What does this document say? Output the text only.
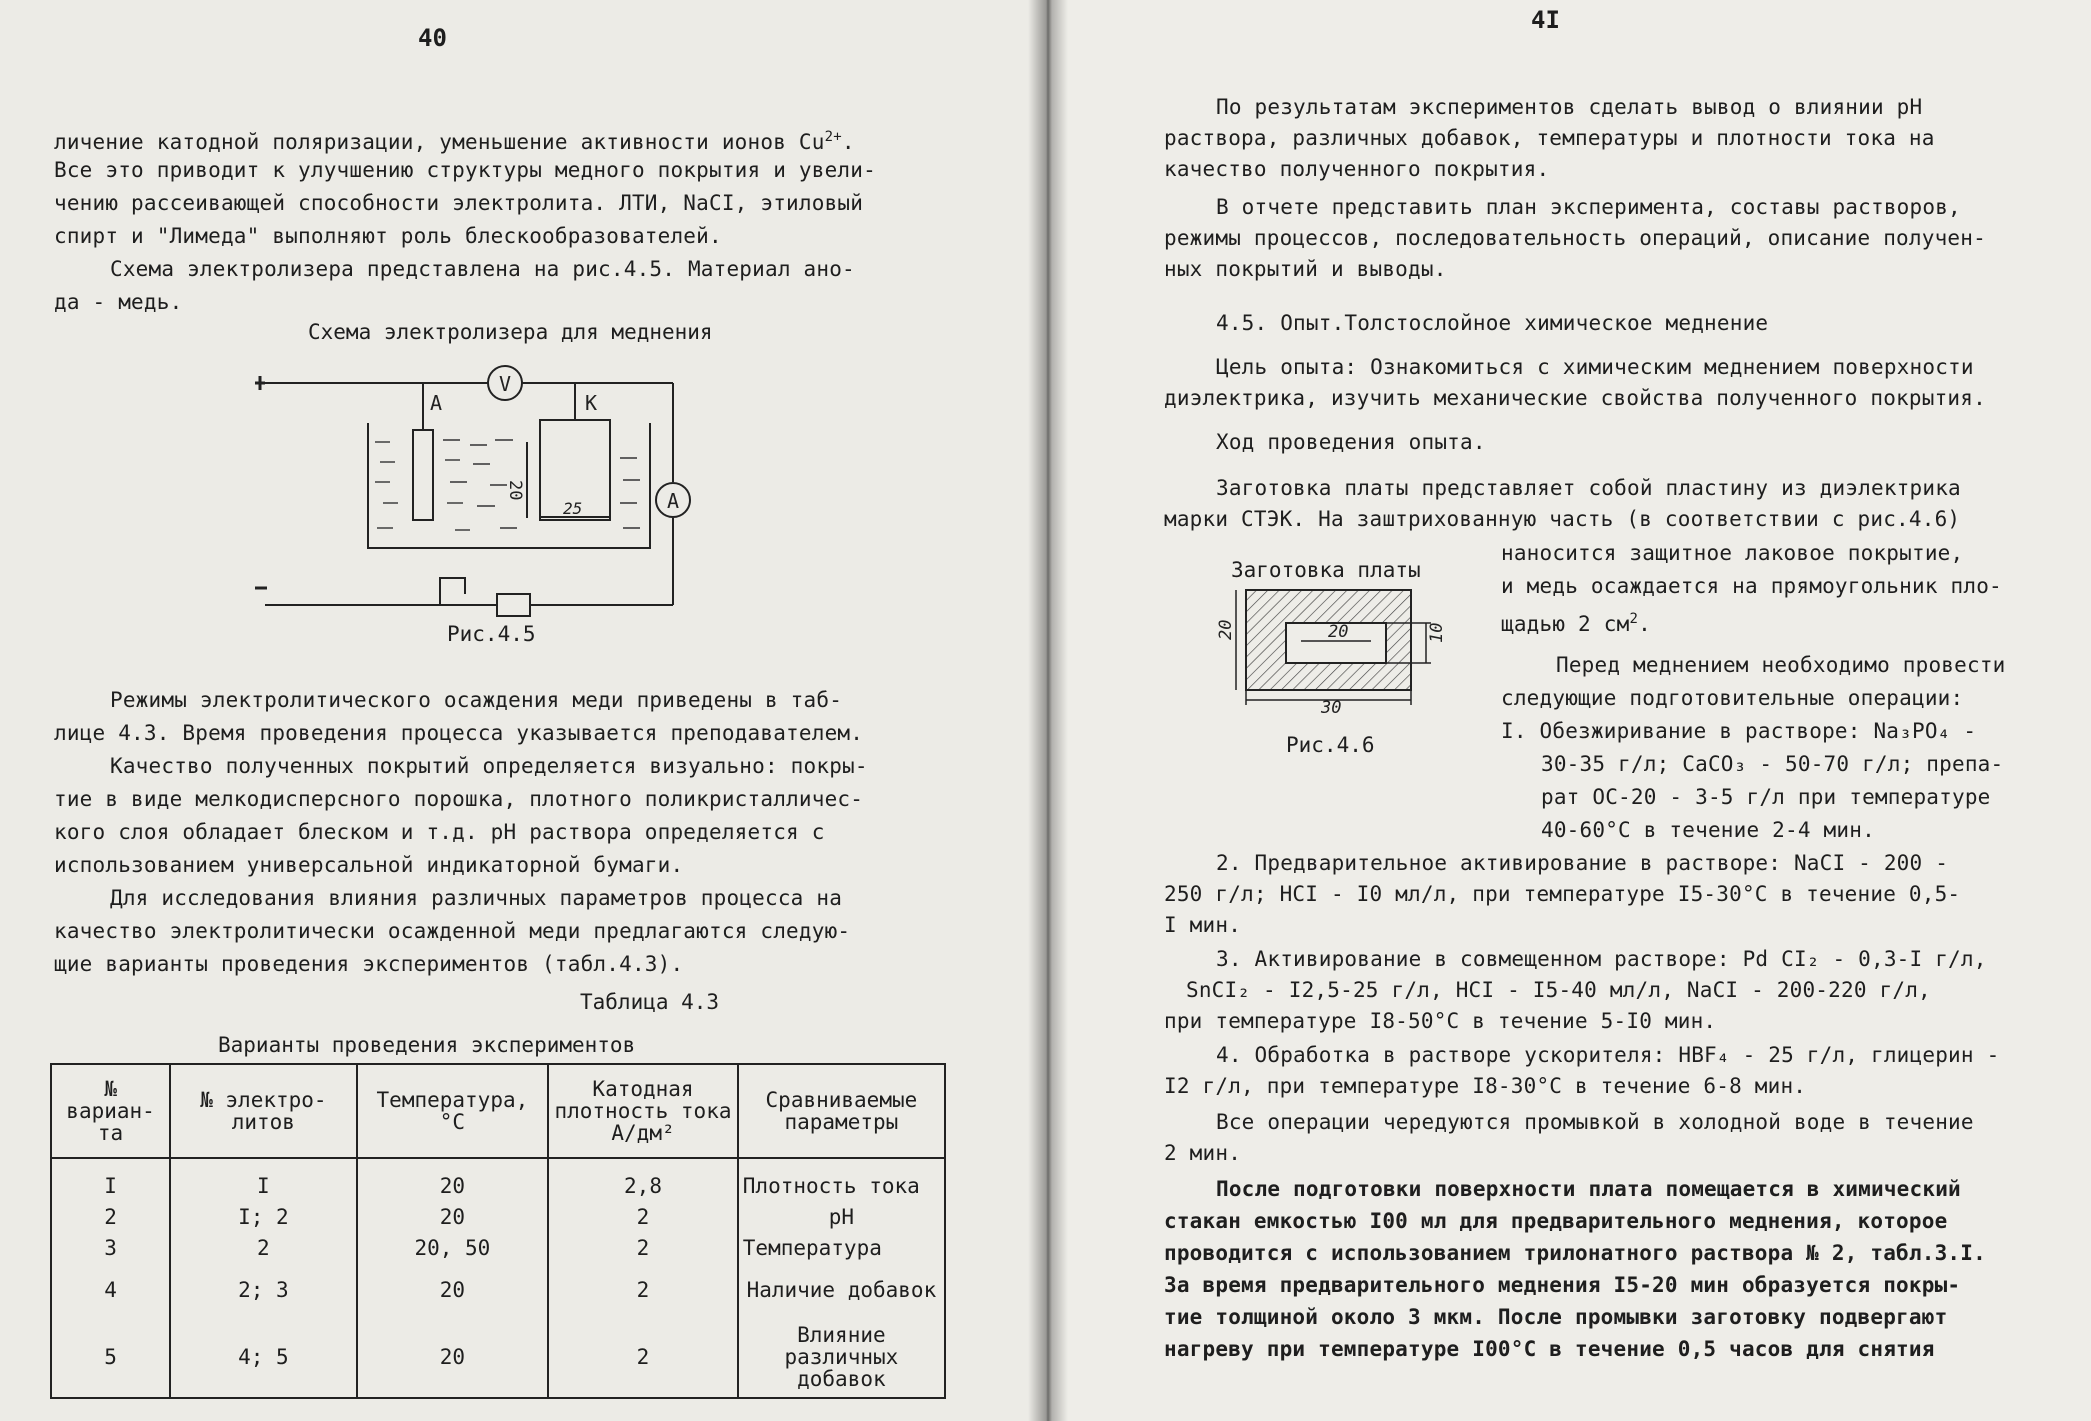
40
личение катодной поляризации, уменьшение активности ионов $Cu^{2+}$.
Все это приводит к улучшению структуры медного покрытия и увели-
чению рассеивающей способности электролита. ЛТИ, NaCI, этиловый
спирт и "Лимеда" выполняют роль блескообразователей.
Схема электролизера представлена на рис.4.5. Материал ано-
да - медь.
Схема электролизера для меднения
V
А
А	К
20
25
Рис.4.5
Режимы электролитического осаждения меди приведены в таб-
лице 4.3. Время проведения процесса указывается преподавателем.
Качество полученных покрытий определяется визуально: покры-
тие в виде мелкодисперсного порошка, плотного поликристалличес-
кого слоя обладает блеском и т.д. pH раствора определяется с
использованием универсальной индикаторной бумаги.
Для исследования влияния различных параметров процесса на
качество электролитически осажденной меди предлагаются следую-
щие варианты проведения экспериментов (табл.4.3).
Таблица 4.3
Варианты проведения экспериментов
№ вариан-та	№ электро-литов	Температура, °С	Катодная плотность тока А/дм²	Сравниваемые параметры
I	I	20	2,8	Плотность тока
2	I; 2	20	2	pH
3	2	20, 50	2	Температура
4	2; 3	20	2	Наличие добавок
5	4; 5	20	2	Влияние различных добавок
4I
По результатам экспериментов сделать вывод о влиянии pH
раствора, различных добавок, температуры и плотности тока на
качество полученного покрытия.
В отчете представить план эксперимента, составы растворов,
режимы процессов, последовательность операций, описание получен-
ных покрытий и выводы.
4.5. Опыт.Толстослойное химическое меднение
Цель опыта: Ознакомиться с химическим меднением поверхности
диэлектрика, изучить механические свойства полученного покрытия.
Ход проведения опыта.
Заготовка платы представляет собой пластину из диэлектрика
марки СТЭК. На заштрихованную часть (в соответствии с рис.4.6)
Заготовка платы
20
20	10
30
Рис.4.6
наносится защитное лаковое покрытие,
и медь осаждается на прямоугольник пло-
щадью 2 $см^2$.
Перед меднением необходимо провести
следующие подготовительные операции:
I. Обезжиривание в растворе: Na₃PO₄ -
30-35 г/л; CaCO₃ - 50-70 г/л; препа-
рат ОС-20 - 3-5 г/л при температуре
40-60°С в течение 2-4 мин.
2. Предварительное активирование в растворе: NaCI - 200 -
250 г/л; HCI - I0 мл/л, при температуре I5-30°С в течение 0,5-
I мин.
3. Активирование в совмещенном растворе: Pd CI₂ - 0,3-I г/л,
SnCI₂ - I2,5-25 г/л, HCI - I5-40 мл/л, NaCI - 200-220 г/л,
при температуре I8-50°С в течение 5-I0 мин.
4. Обработка в растворе ускорителя: HBF₄ - 25 г/л, глицерин -
I2 г/л, при температуре I8-30°С в течение 6-8 мин.
Все операции чередуются промывкой в холодной воде в течение
2 мин.
После подготовки поверхности плата помещается в химический
стакан емкостью I00 мл для предварительного меднения, которое
проводится с использованием трилонатного раствора № 2, табл.3.I.
За время предварительного меднения I5-20 мин образуется покры-
тие толщиной около 3 мкм. После промывки заготовку подвергают
нагреву при температуре I00°С в течение 0,5 часов для снятия
